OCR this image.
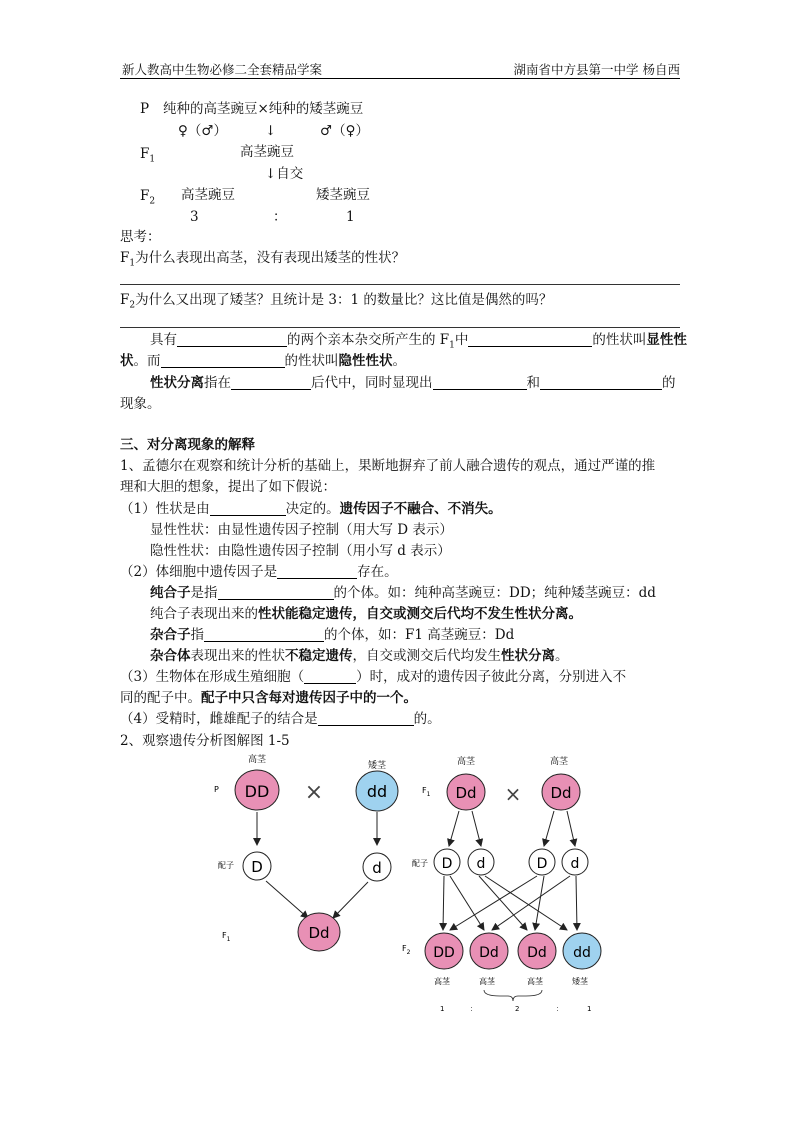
新人教高中生物必修二全套精品学案	湖南省中方县第一中学 杨自西
P 纯种的高茎豌豆×纯种的矮茎豌豆
♀（♂）	↓	♂（♀）
$F_1$	高茎豌豆
↓自交
$F_2$ 高茎豌豆	矮茎豌豆
3	：	1
思考：
$F_1$为什么表现出高茎，没有表现出矮茎的性状？
$F_2$为什么又出现了矮茎？且统计是 3：1 的数量比？这比值是偶然的吗？
具有	的两个亲本杂交所产生的 $F_1$中	的性状叫显性性
状。而	的性状叫隐性性状。
性状分离指在	后代中，同时显现出	和	的
现象。
三、对分离现象的解释
1、孟德尔在观察和统计分析的基础上，果断地摒弃了前人融合遗传的观点，通过严谨的推
理和大胆的想象，提出了如下假说：
（1）性状是由	决定的。遗传因子不融合、不消失。
显性性状：由显性遗传因子控制（用大写 D 表示）
隐性性状：由隐性遗传因子控制（用小写 d 表示）
（2）体细胞中遗传因子是	存在。
纯合子是指	的个体。如：纯种高茎豌豆：DD；纯种矮茎豌豆：dd
纯合子表现出来的性状能稳定遗传，自交或测交后代均不发生性状分离。
杂合子指	的个体，如：F1 高茎豌豆：Dd
杂合体表现出来的性状不稳定遗传，自交或测交后代均发生性状分离。
（3）生物体在形成生殖细胞（	）时，成对的遗传因子彼此分离，分别进入不
同的配子中。配子中只含每对遗传因子中的一个。
（4）受精时，雌雄配子的结合是	的。
2、观察遗传分析图解图 1-5
高茎
矮茎
P DD ×	dd
配子 D	d
$F_1$	Dd
高茎	高茎
$F_1$ Dd × Dd
配子 D d	D d
$F_2$ DD Dd Dd dd
高茎	高茎	高茎	矮茎
1	：	2	：	1
